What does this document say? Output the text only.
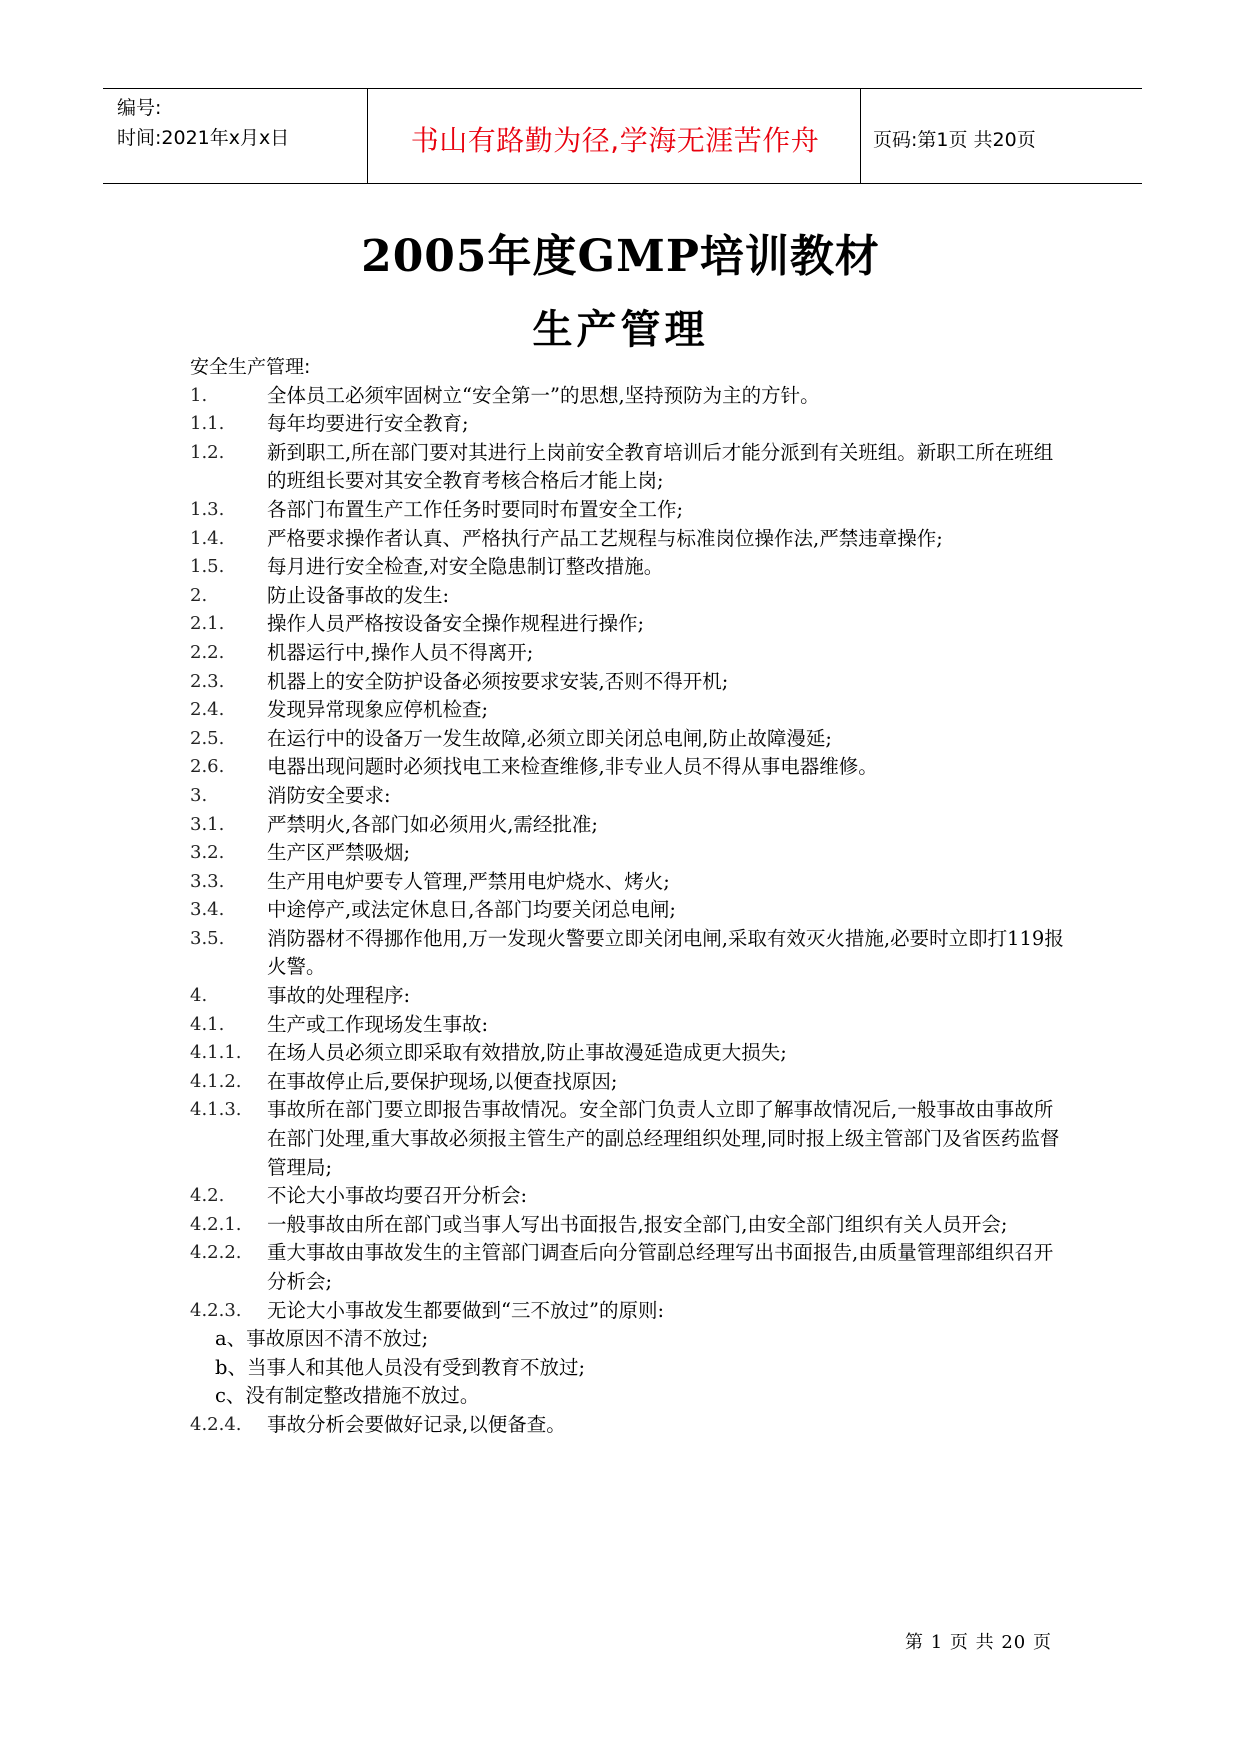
编号:
时间:2021年x月x日	书山有路勤为径,学海无涯苦作舟	页码:第1页 共20页
2005年度GMP培训教材
生产管理
安全生产管理:
1.	全体员工必须牢固树立“安全第一”的思想,坚持预防为主的方针。
1.1. 每年均要进行安全教育;
1.2. 新到职工,所在部门要对其进行上岗前安全教育培训后才能分派到有关班组。新职工所在班组的班组长要对其安全教育考核合格后才能上岗;
1.3. 各部门布置生产工作任务时要同时布置安全工作;
1.4. 严格要求操作者认真、严格执行产品工艺规程与标准岗位操作法,严禁违章操作;
1.5. 每月进行安全检查,对安全隐患制订整改措施。
2.	防止设备事故的发生:
2.1. 操作人员严格按设备安全操作规程进行操作;
2.2. 机器运行中,操作人员不得离开;
2.3. 机器上的安全防护设备必须按要求安装,否则不得开机;
2.4. 发现异常现象应停机检查;
2.5. 在运行中的设备万一发生故障,必须立即关闭总电闸,防止故障漫延;
2.6. 电器出现问题时必须找电工来检查维修,非专业人员不得从事电器维修。
3.	消防安全要求:
3.1. 严禁明火,各部门如必须用火,需经批准;
3.2. 生产区严禁吸烟;
3.3. 生产用电炉要专人管理,严禁用电炉烧水、烤火;
3.4. 中途停产,或法定休息日,各部门均要关闭总电闸;
3.5. 消防器材不得挪作他用,万一发现火警要立即关闭电闸,采取有效灭火措施,必要时立即打119报火警。
4.	事故的处理程序:
4.1. 生产或工作现场发生事故:
4.1.1. 在场人员必须立即采取有效措放,防止事故漫延造成更大损失;
4.1.2. 在事故停止后,要保护现场,以便查找原因;
4.1.3. 事故所在部门要立即报告事故情况。安全部门负责人立即了解事故情况后,一般事故由事故所在部门处理,重大事故必须报主管生产的副总经理组织处理,同时报上级主管部门及省医药监督管理局;
4.2. 不论大小事故均要召开分析会:
4.2.1. 一般事故由所在部门或当事人写出书面报告,报安全部门,由安全部门组织有关人员开会;
4.2.2. 重大事故由事故发生的主管部门调查后向分管副总经理写出书面报告,由质量管理部组织召开分析会;
4.2.3. 无论大小事故发生都要做到“三不放过”的原则:
a、事故原因不清不放过;
b、当事人和其他人员没有受到教育不放过;
c、没有制定整改措施不放过。
4.2.4. 事故分析会要做好记录,以便备查。
第 1 页 共 20 页
